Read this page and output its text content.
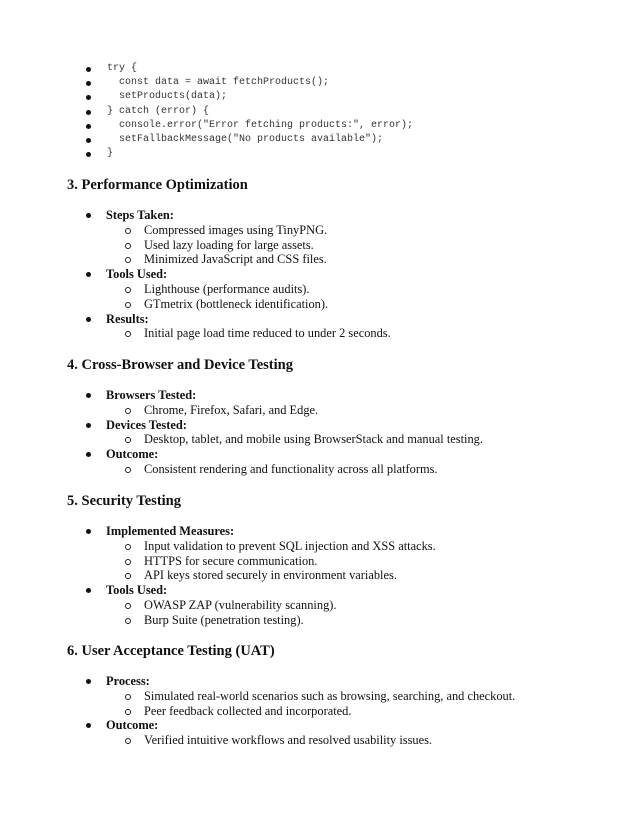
try {
const data = await fetchProducts();
setProducts(data);
} catch (error) {
console.error("Error fetching products:", error);
setFallbackMessage("No products available");
}
3. Performance Optimization
Steps Taken:
Compressed images using TinyPNG.
Used lazy loading for large assets.
Minimized JavaScript and CSS files.
Tools Used:
Lighthouse (performance audits).
GTmetrix (bottleneck identification).
Results:
Initial page load time reduced to under 2 seconds.
4. Cross-Browser and Device Testing
Browsers Tested:
Chrome, Firefox, Safari, and Edge.
Devices Tested:
Desktop, tablet, and mobile using BrowserStack and manual testing.
Outcome:
Consistent rendering and functionality across all platforms.
5. Security Testing
Implemented Measures:
Input validation to prevent SQL injection and XSS attacks.
HTTPS for secure communication.
API keys stored securely in environment variables.
Tools Used:
OWASP ZAP (vulnerability scanning).
Burp Suite (penetration testing).
6. User Acceptance Testing (UAT)
Process:
Simulated real-world scenarios such as browsing, searching, and checkout.
Peer feedback collected and incorporated.
Outcome:
Verified intuitive workflows and resolved usability issues.
